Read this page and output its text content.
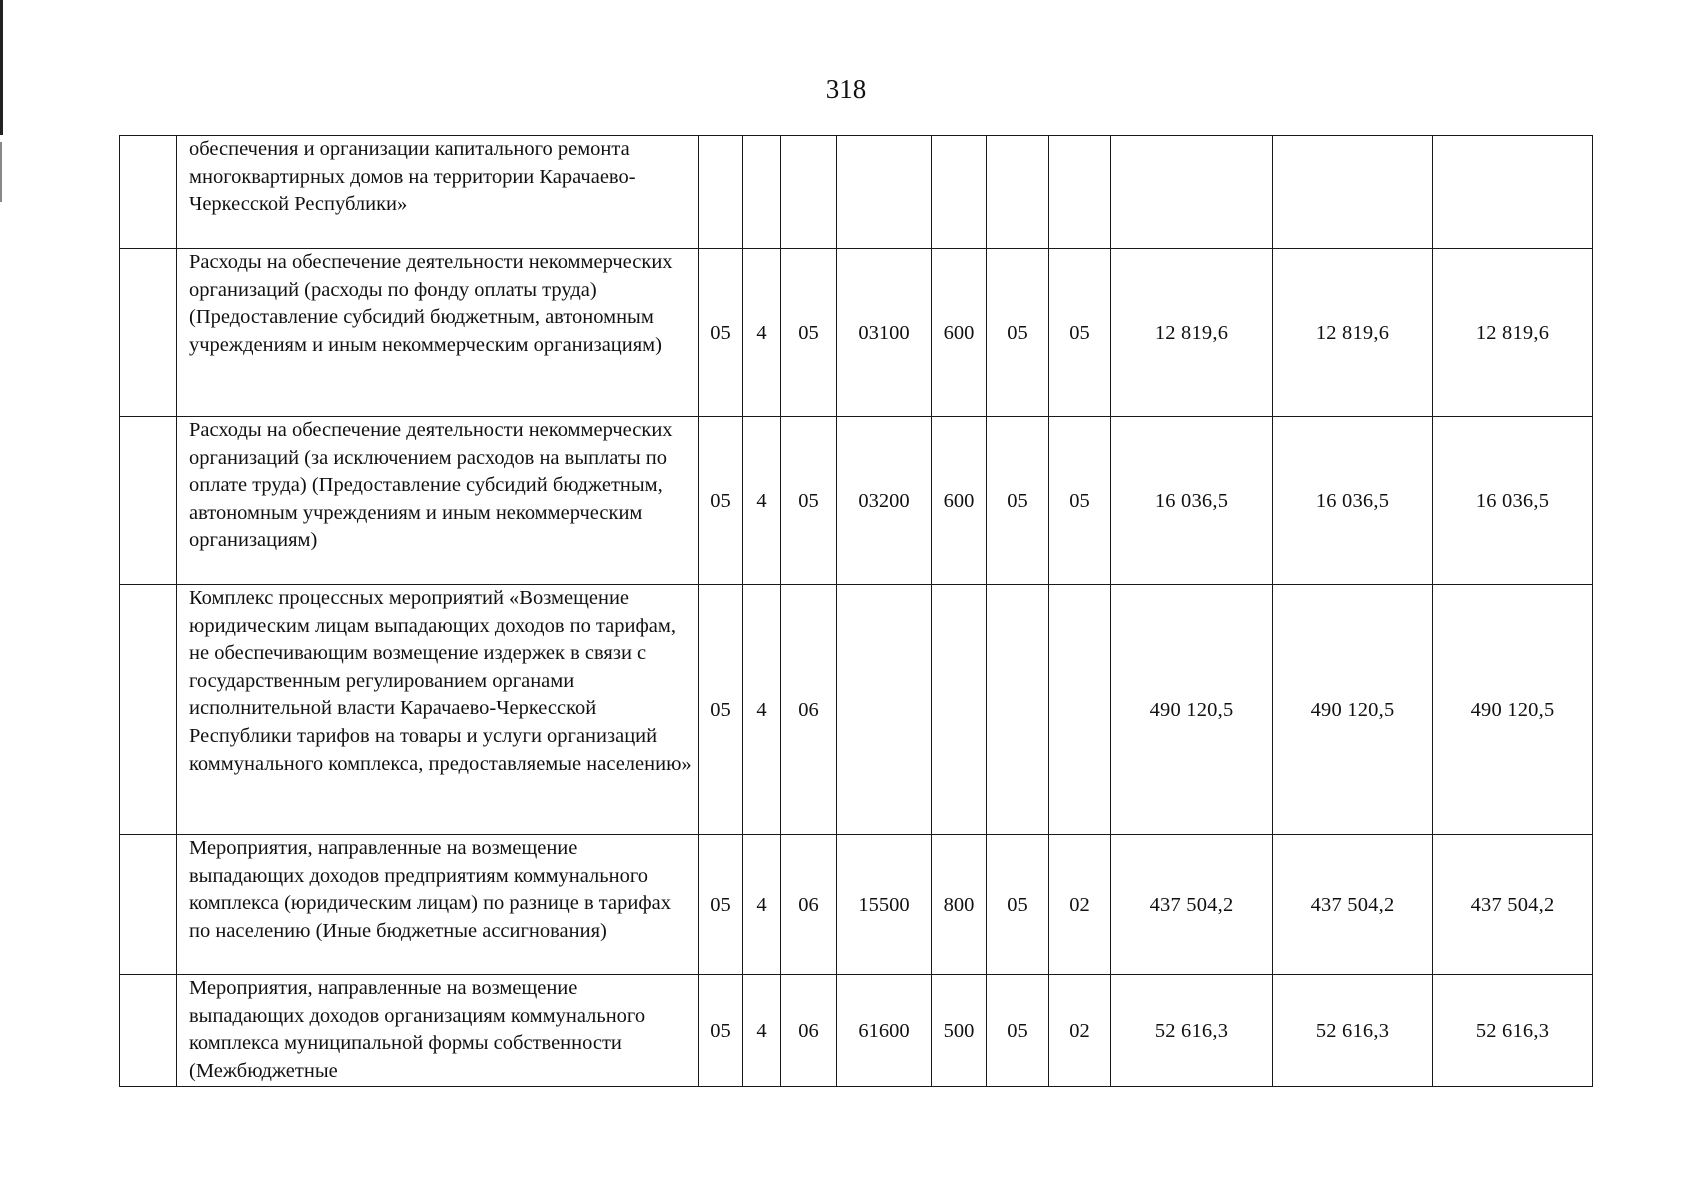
318
	обеспечения и организации капитального ремонта многоквартирных домов на территории Карачаево-Черкесской Республики»										
	Расходы на обеспечение деятельности некоммерческих организаций (расходы по фонду оплаты труда) (Предоставление субсидий бюджетным, автономным учреждениям и иным некоммерческим организациям)	05	4	05	03100	600	05	05	12 819,6	12 819,6	12 819,6
	Расходы на обеспечение деятельности некоммерческих организаций (за исключением расходов на выплаты по оплате труда) (Предоставление субсидий бюджетным, автономным учреждениям и иным некоммерческим организациям)	05	4	05	03200	600	05	05	16 036,5	16 036,5	16 036,5
	Комплекс процессных мероприятий «Возмещение юридическим лицам выпадающих доходов по тарифам, не обеспечивающим возмещение издержек в связи с государственным регулированием органами исполнительной власти Карачаево-Черкесской Республики тарифов на товары и услуги организаций коммунального комплекса, предоставляемые населению»	05	4	06					490 120,5	490 120,5	490 120,5
	Мероприятия, направленные на возмещение выпадающих доходов предприятиям коммунального комплекса (юридическим лицам) по разнице в тарифах по населению (Иные бюджетные ассигнования)	05	4	06	15500	800	05	02	437 504,2	437 504,2	437 504,2
	Мероприятия, направленные на возмещение выпадающих доходов организациям коммунального комплекса муниципальной формы собственности (Межбюджетные	05	4	06	61600	500	05	02	52 616,3	52 616,3	52 616,3
